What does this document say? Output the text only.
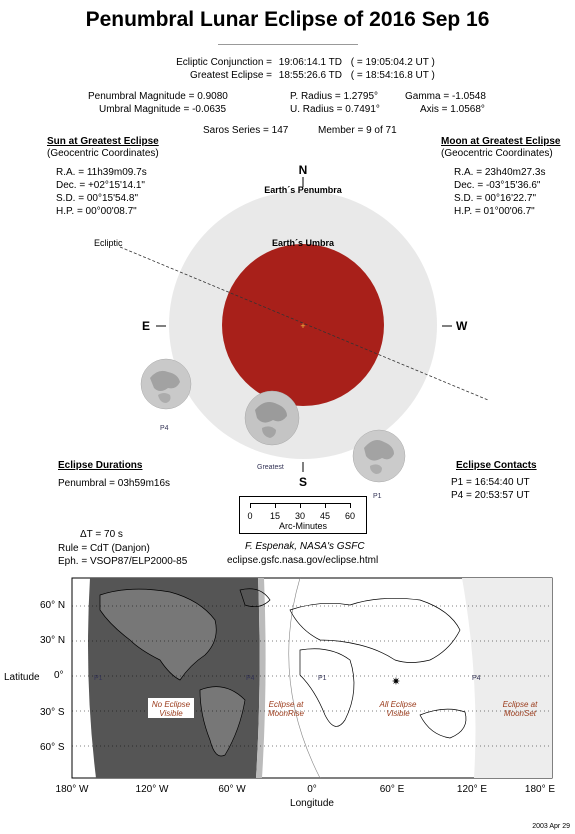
Penumbral Lunar Eclipse of 2016 Sep 16
Ecliptic Conjunction = 19:06:14.1 TD ( = 19:05:04.2 UT )
Greatest Eclipse = 18:55:26.6 TD ( = 18:54:16.8 UT )
Penumbral Magnitude = 0.9080	P. Radius = 1.2795°	Gamma = -1.0548
Umbral Magnitude = -0.0635	U. Radius = 0.7491°	Axis = 1.0568°
Saros Series = 147	Member = 9 of 71
Sun at Greatest Eclipse
(Geocentric Coordinates)
R.A. = 11h39m09.7s
Dec. = +02°15'14.1"
S.D. = 00°15'54.8"
H.P. = 00°00'08.7"
Moon at Greatest Eclipse
(Geocentric Coordinates)
R.A. = 23h40m27.3s
Dec. = -03°15'36.6"
S.D. = 00°16'22.7"
H.P. = 01°00'06.7"
Ecliptic
+
Earth´s Umbra
Earth´s Penumbra
N
S
E	W
P4
Greatest
P1
Eclipse Durations
Penumbral = 03h59m16s
Eclipse Contacts
P1 = 16:54:40 UT
P4 = 20:53:57 UT
0 15 30 45 60
Arc-Minutes
ΔT = 70 s
Rule = CdT (Danjon)
Eph. = VSOP87/ELP2000-85
F. Espenak, NASA's GSFC
eclipse.gsfc.nasa.gov/eclipse.html
✷
60° N
30° N
0°
30° S
60° S
Latitude
180° W	120° W	60° W	0°	60° E	120° E	180° E
Longitude
No Eclipse
Visible
Eclipse at
MoonRise
All Eclipse
Visible
Eclipse at
MoonSet
P1	P4	P1	P4
2003 Apr 29
